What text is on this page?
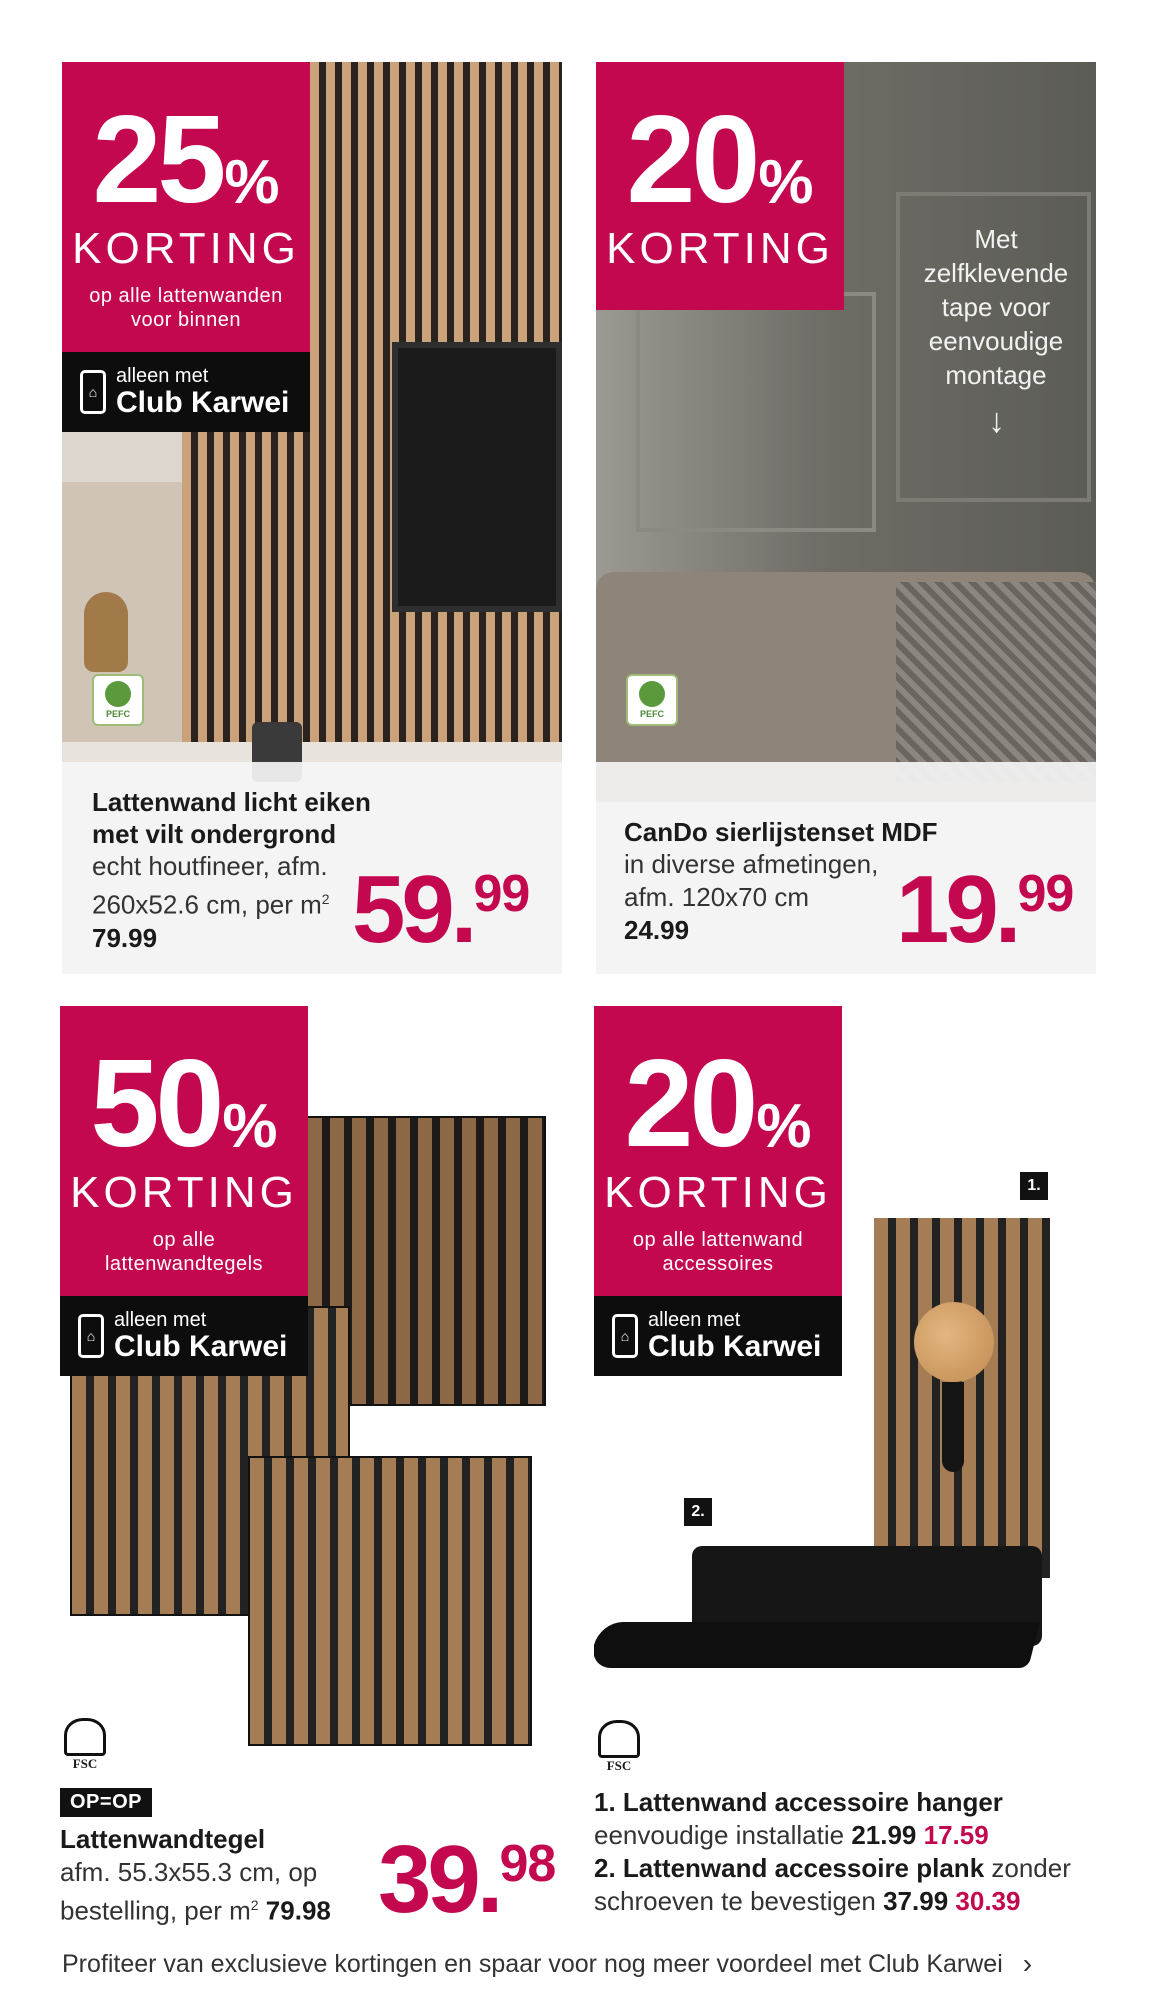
25 %
KORTING
op alle lattenwanden voor binnen
⌂
alleen met
Club Karwei
PEFC
Lattenwand licht eiken met vilt ondergrond
echt houtfineer, afm. 260x52.6 cm, per $m^2$ 79.99	59. 99
20 %
KORTING	Met zelfklevende tape voor eenvoudige montage
↓
PEFC
CanDo sierlijstenset MDF
in diverse afmetingen, afm. 120x70 cm
24.99	19. 99
50 %
KORTING
op alle lattenwandtegels
⌂
alleen met
Club Karwei
FSC
OP=OP
Lattenwandtegel
afm. 55.3x55.3 cm, op
bestelling, per $m^2$ 79.98 39. 98
1.
2.
20 %
KORTING
op alle lattenwand accessoires
⌂
alleen met
Club Karwei
FSC
1. Lattenwand accessoire hanger
eenvoudige installatie 21.99 17.59
2. Lattenwand accessoire plank zonder
schroeven te bevestigen 37.99 30.39
Profiteer van exclusieve kortingen en spaar voor nog meer voordeel met Club Karwei ›
